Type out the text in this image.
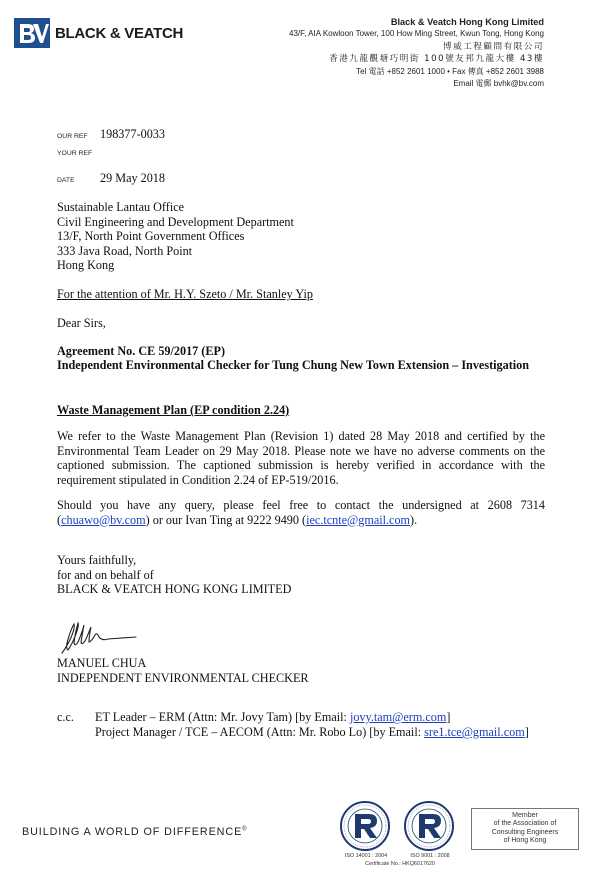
BLACK & VEATCH
Black & Veatch Hong Kong Limited
43/F, AIA Kowloon Tower, 100 How Ming Street, Kwun Tong, Hong Kong
博威工程顧問有限公司
香港九龍觀塘巧明街 100號友邦九龍大樓 43樓
Tel 電話 +852 2601 1000 • Fax 傳真 +852 2601 3988
Email 電郵 bvhk@bv.com
OUR REF	198377-0033
YOUR REF
DATE	29 May 2018
Sustainable Lantau Office
Civil Engineering and Development Department
13/F, North Point Government Offices
333 Java Road, North Point
Hong Kong
For the attention of Mr. H.Y. Szeto / Mr. Stanley Yip
Dear Sirs,
Agreement No. CE 59/2017 (EP)
Independent Environmental Checker for Tung Chung New Town Extension – Investigation
Waste Management Plan (EP condition 2.24)
We refer to the Waste Management Plan (Revision 1) dated 28 May 2018 and certified by the Environmental Team Leader on 29 May 2018. Please note we have no adverse comments on the captioned submission. The captioned submission is hereby verified in accordance with the requirement stipulated in Condition 2.24 of EP-519/2016.
Should you have any query, please feel free to contact the undersigned at 2608 7314 (chuawo@bv.com) or our Ivan Ting at 9222 9490 (iec.tcnte@gmail.com).
Yours faithfully,
for and on behalf of
BLACK & VEATCH HONG KONG LIMITED
MANUEL CHUA
INDEPENDENT ENVIRONMENTAL CHECKER
c.c.	ET Leader – ERM (Attn: Mr. Jovy Tam) [by Email: jovy.tam@erm.com]
Project Manager / TCE – AECOM (Attn: Mr. Robo Lo) [by Email: sre1.tce@gmail.com]
BUILDING A WORLD OF DIFFERENCE®
ISO 14001 : 2004	ISO 9001 : 2008
Certificate No.: HKQ6017620
Member
of the Association of
Consulting Engineers
of Hong Kong
